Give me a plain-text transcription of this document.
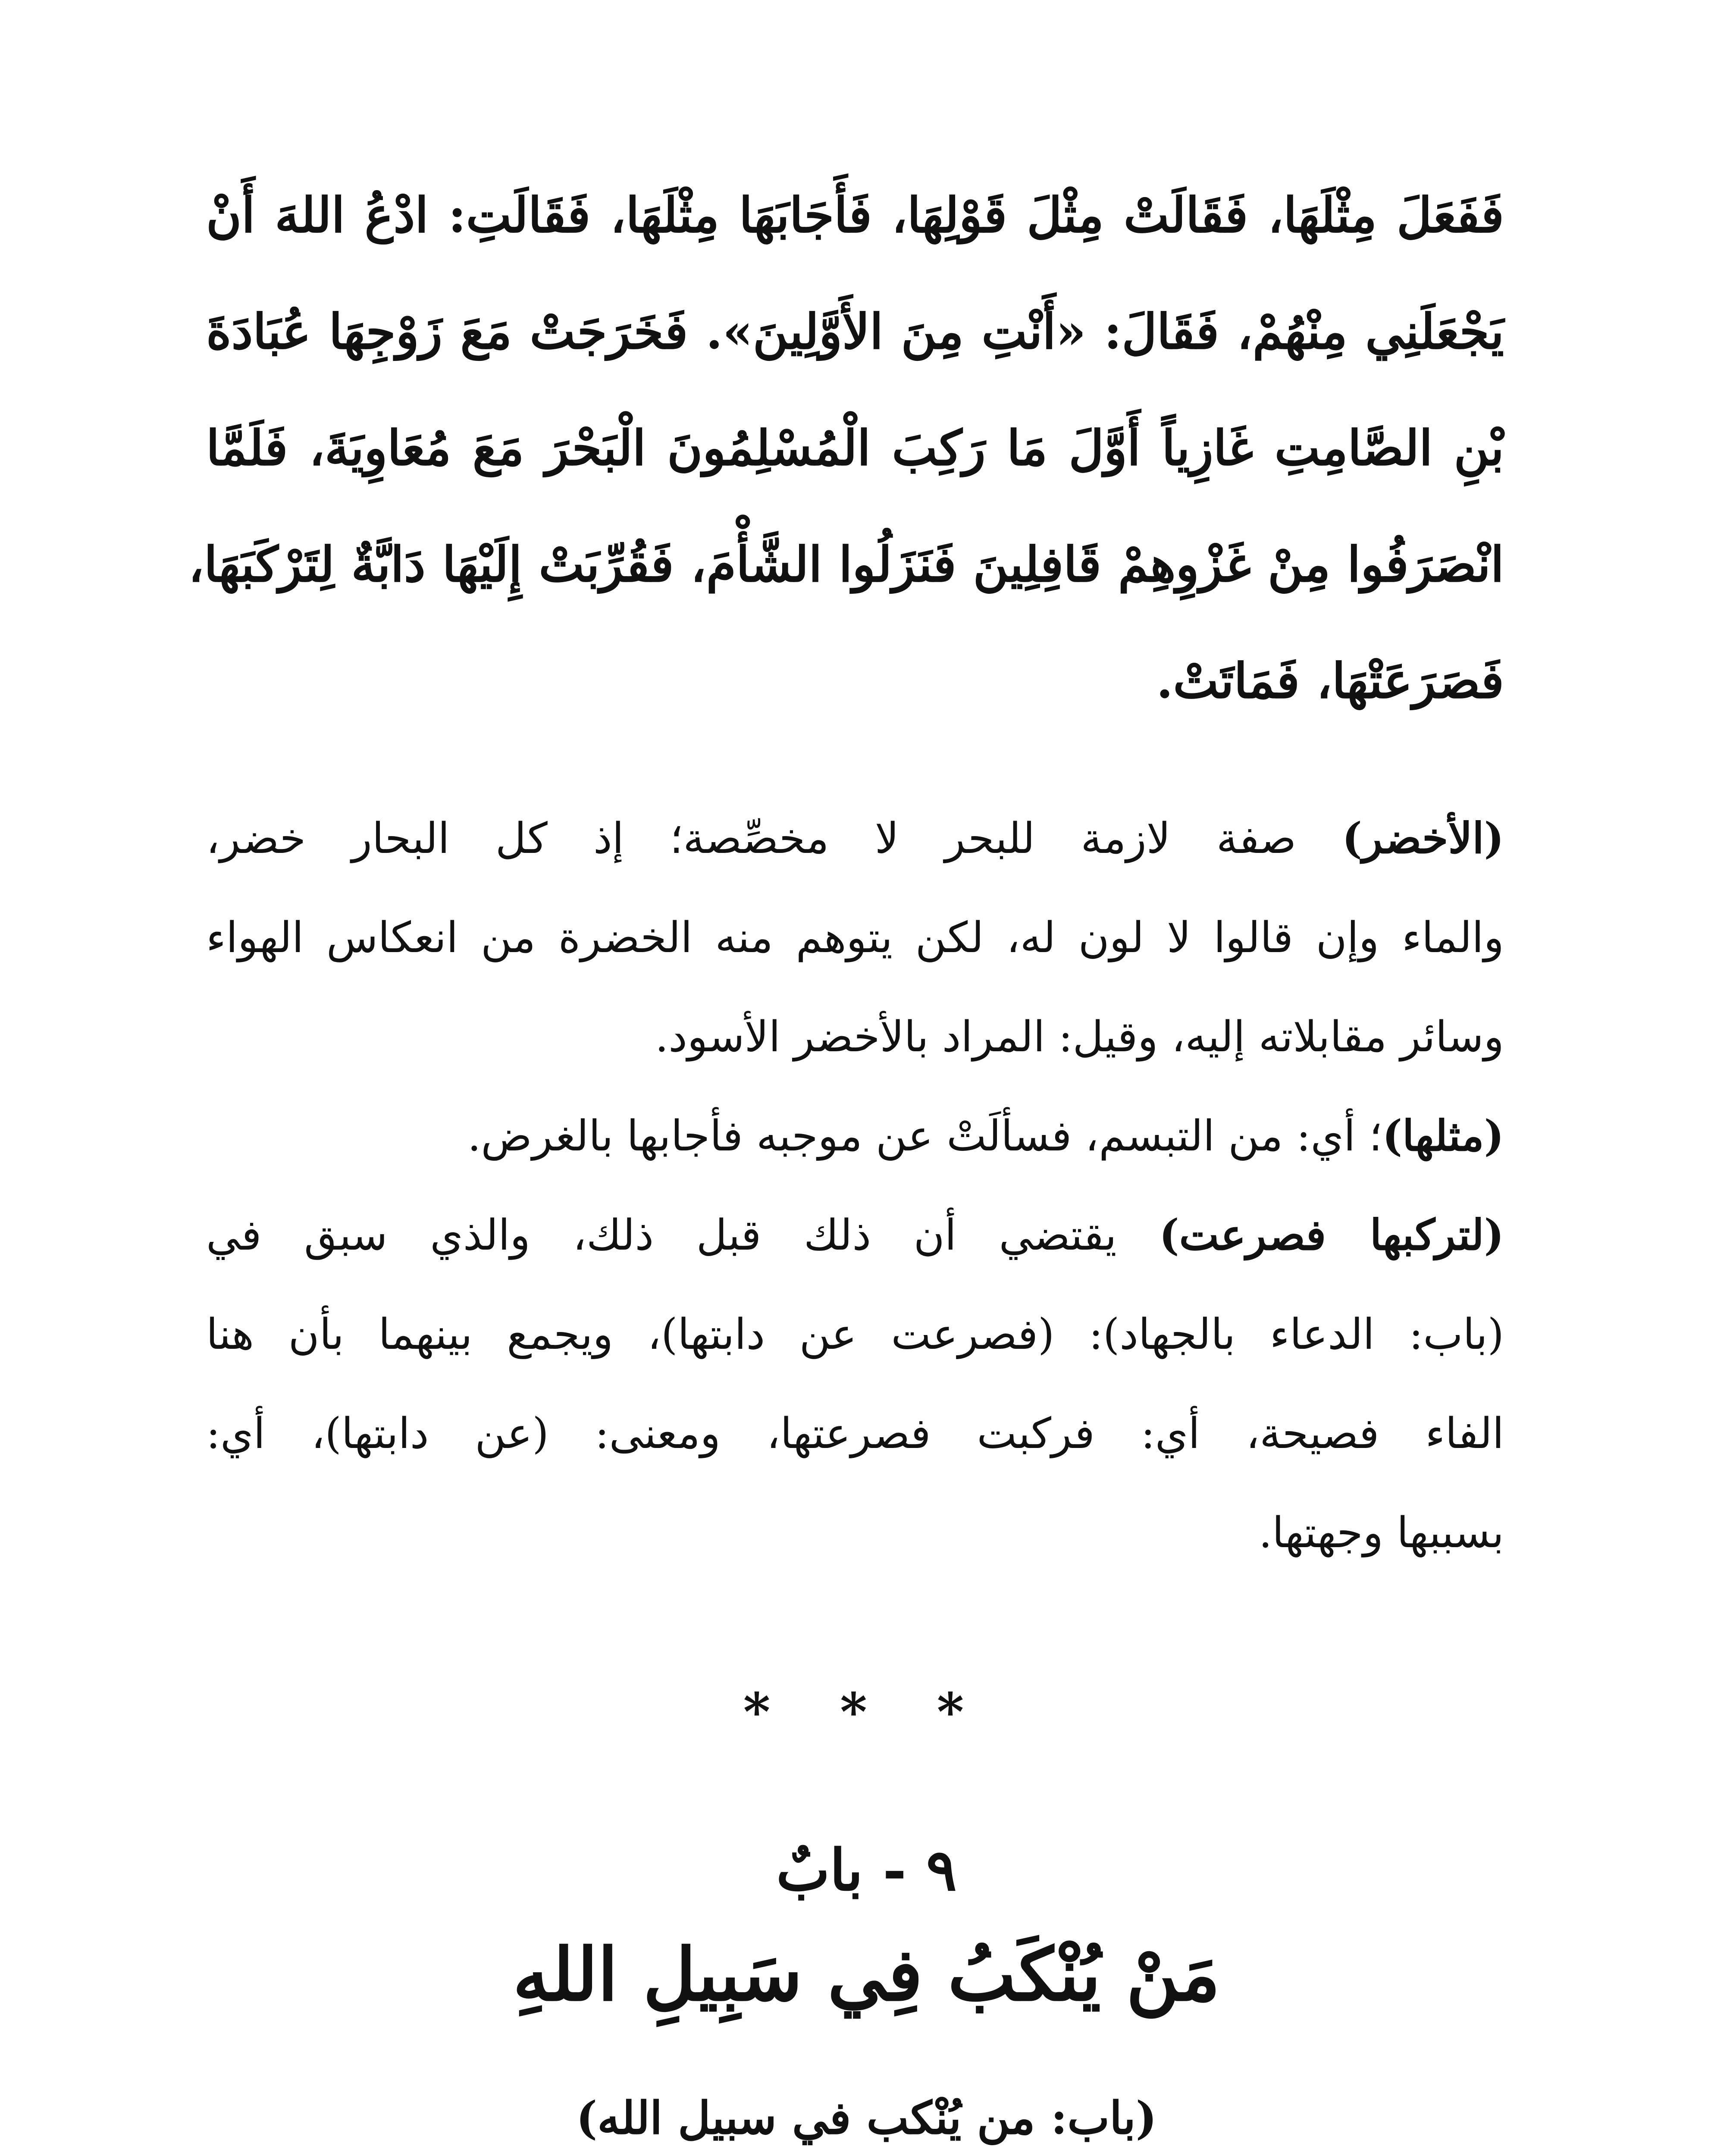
فَفَعَلَ مِثْلَهَا، فَقَالَتْ مِثْلَ قَوْلِهَا، فَأَجَابَهَا مِثْلَهَا، فَقَالَتِ: ادْعُ اللهَ أَنْ
يَجْعَلَنِي مِنْهُمْ، فَقَالَ: «أَنْتِ مِنَ الأَوَّلِينَ». فَخَرَجَتْ مَعَ زَوْجِهَا عُبَادَةَ
بْنِ الصَّامِتِ غَازِياً أَوَّلَ مَا رَكِبَ الْمُسْلِمُونَ الْبَحْرَ مَعَ مُعَاوِيَةَ، فَلَمَّا
انْصَرَفُوا مِنْ غَزْوِهِمْ قَافِلِينَ فَنَزَلُوا الشَّأْمَ، فَقُرِّبَتْ إِلَيْهَا دَابَّةٌ لِتَرْكَبَهَا،
فَصَرَعَتْهَا، فَمَاتَتْ.
(الأخضر) صفة لازمة للبحر لا مخصِّصة؛ إذ كل البحار خضر،
والماء وإن قالوا لا لون له، لكن يتوهم منه الخضرة من انعكاس الهواء
وسائر مقابلاته إليه، وقيل: المراد بالأخضر الأسود.
(مثلها)؛ أي: من التبسم، فسألَتْ عن موجبه فأجابها بالغرض.
(لتركبها فصرعت) يقتضي أن ذلك قبل ذلك، والذي سبق في
(باب: الدعاء بالجهاد): (فصرعت عن دابتها)، ويجمع بينهما بأن هنا
الفاء فصيحة، أي: فركبت فصرعتها، ومعنى: (عن دابتها)، أي:
بسببها وجهتها.
* * *
٩ - بابٌ
مَنْ يُنْكَبُ فِي سَبِيلِ اللهِ
(باب: من يُنْكب في سبيل الله)
